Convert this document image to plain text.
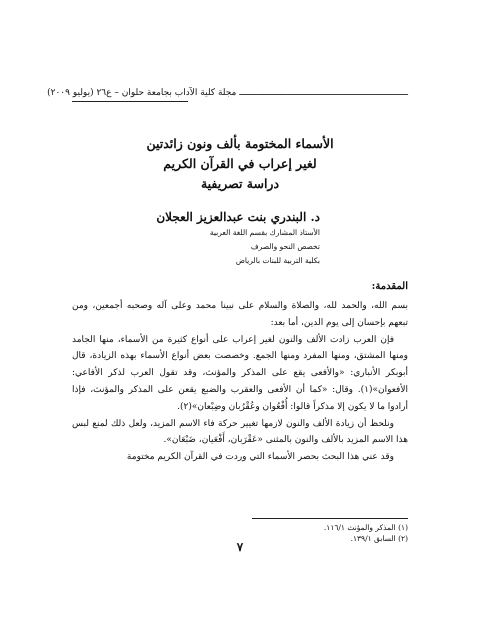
ــــــــــــــــــــــــــــــــــــــــــــــــــــــــــــــــ مجلة كلية الآداب بجامعة حلوان – ع٢٦ (يوليو ٢٠٠٩)
الأسماء المختومة بألف ونون زائدتين
لغير إعراب في القرآن الكريم
دراسة تصريفية
د. البندري بنت عبدالعزيز العجلان
الأستاذ المشارك بقسم اللغة العربية
تخصص النحو والصرف
بكلية التربية للبنات بالرياض
المقدمة:

بسم الله، والحمد لله، والصلاة والسلام على نبينا محمد وعلى آله وصحبه أجمعين، ومن تبعهم بإحسان إلى يوم الدين، أما بعد:

فإن العرب زادت الألف والنون لغير إعراب على أنواع كثيرة من الأسماء، منها الجامد ومنها المشتق، ومنها المفرد ومنها الجمع. وخصصت بعض أنواع الأسماء بهذه الزيادة، قال أبوبكر الأنباري: «والأفعى يقع على المذكر والمؤنث، وقد تقول العرب لذكر الأفاعي: الأفعوان»(١). وقال: «كما أن الأفعى والعقرب والضبع يقعن على المذكر والمؤنث، فإذا أرادوا ما لا يكون إلا مذكراً قالوا: أُفْعُوان وعُقْرُبان وضِبْعان»(٢).

ونلحظ أن زيادة الألف والنون لازمها تغيير حركة فاء الاسم المزيد، ولعل ذلك لمنع لبس هذا الاسم المزيد بالألف والنون بالمثنى «عَقْرَبان، أَفْعَيان، ضَبْعَان».

وقد عني هذا البحث بحصر الأسماء التي وردت في القرآن الكريم مختومة

(١) المذكر والمؤنث ١١٦/١.
(٢) السابق ١٣٩/١.
٧
